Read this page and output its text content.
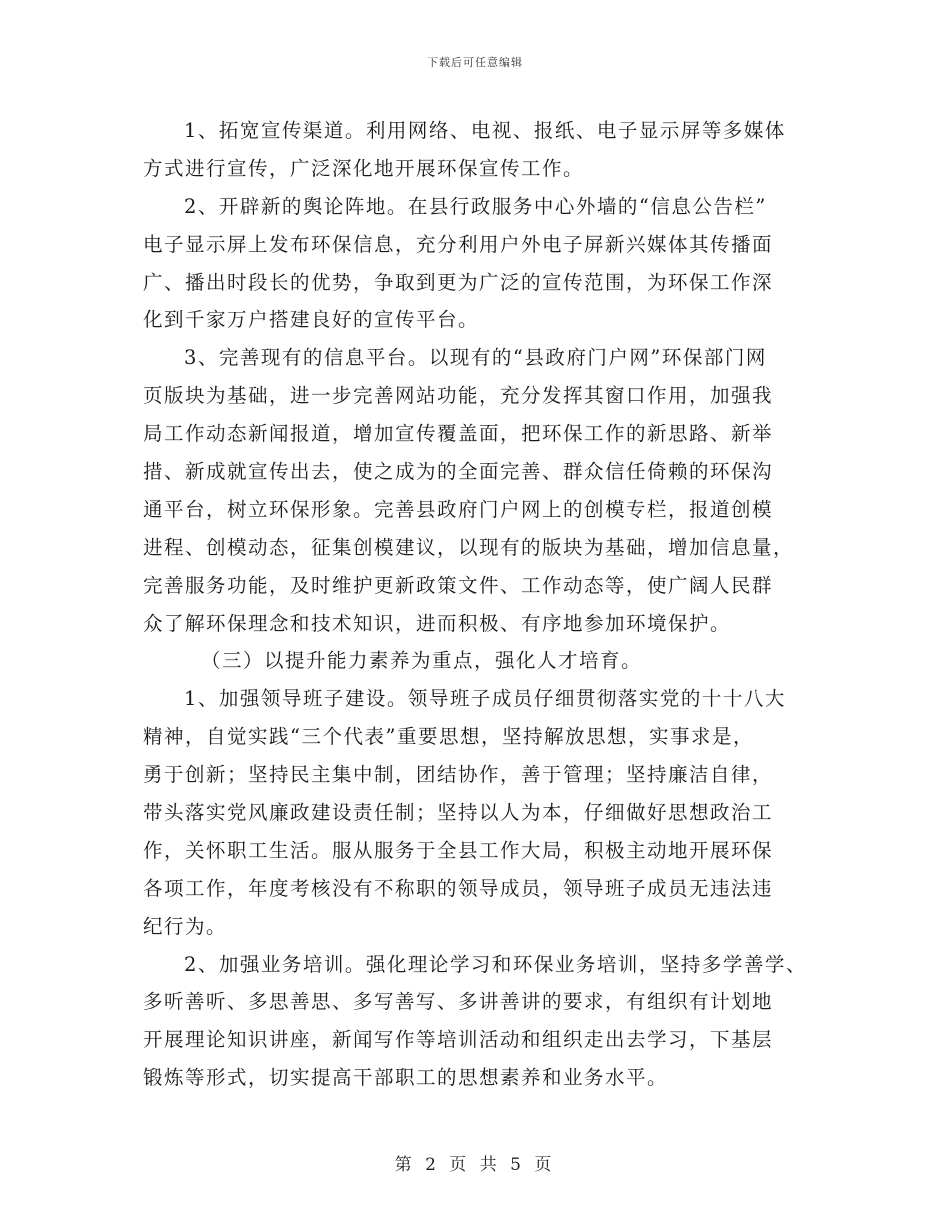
下载后可任意编辑
1、拓宽宣传渠道。利用网络、电视、报纸、电子显示屏等多媒体
方式进行宣传，广泛深化地开展环保宣传工作。
2、开辟新的舆论阵地。在县行政服务中心外墙的“信息公告栏”
电子显示屏上发布环保信息，充分利用户外电子屏新兴媒体其传播面
广、播出时段长的优势，争取到更为广泛的宣传范围，为环保工作深
化到千家万户搭建良好的宣传平台。
3、完善现有的信息平台。以现有的“县政府门户网”环保部门网
页版块为基础，进一步完善网站功能，充分发挥其窗口作用，加强我
局工作动态新闻报道，增加宣传覆盖面，把环保工作的新思路、新举
措、新成就宣传出去，使之成为的全面完善、群众信任倚赖的环保沟
通平台，树立环保形象。完善县政府门户网上的创模专栏，报道创模
进程、创模动态，征集创模建议，以现有的版块为基础，增加信息量，
完善服务功能，及时维护更新政策文件、工作动态等，使广阔人民群
众了解环保理念和技术知识，进而积极、有序地参加环境保护。
（三）以提升能力素养为重点，强化人才培育。
1、加强领导班子建设。领导班子成员仔细贯彻落实党的十十八大
精神，自觉实践“三个代表”重要思想，坚持解放思想，实事求是，
勇于创新；坚持民主集中制，团结协作，善于管理；坚持廉洁自律，
带头落实党风廉政建设责任制；坚持以人为本，仔细做好思想政治工
作，关怀职工生活。服从服务于全县工作大局，积极主动地开展环保
各项工作，年度考核没有不称职的领导成员，领导班子成员无违法违
纪行为。
2、加强业务培训。强化理论学习和环保业务培训，坚持多学善学、
多听善听、多思善思、多写善写、多讲善讲的要求，有组织有计划地
开展理论知识讲座，新闻写作等培训活动和组织走出去学习，下基层
锻炼等形式，切实提高干部职工的思想素养和业务水平。
第 2 页 共 5 页
